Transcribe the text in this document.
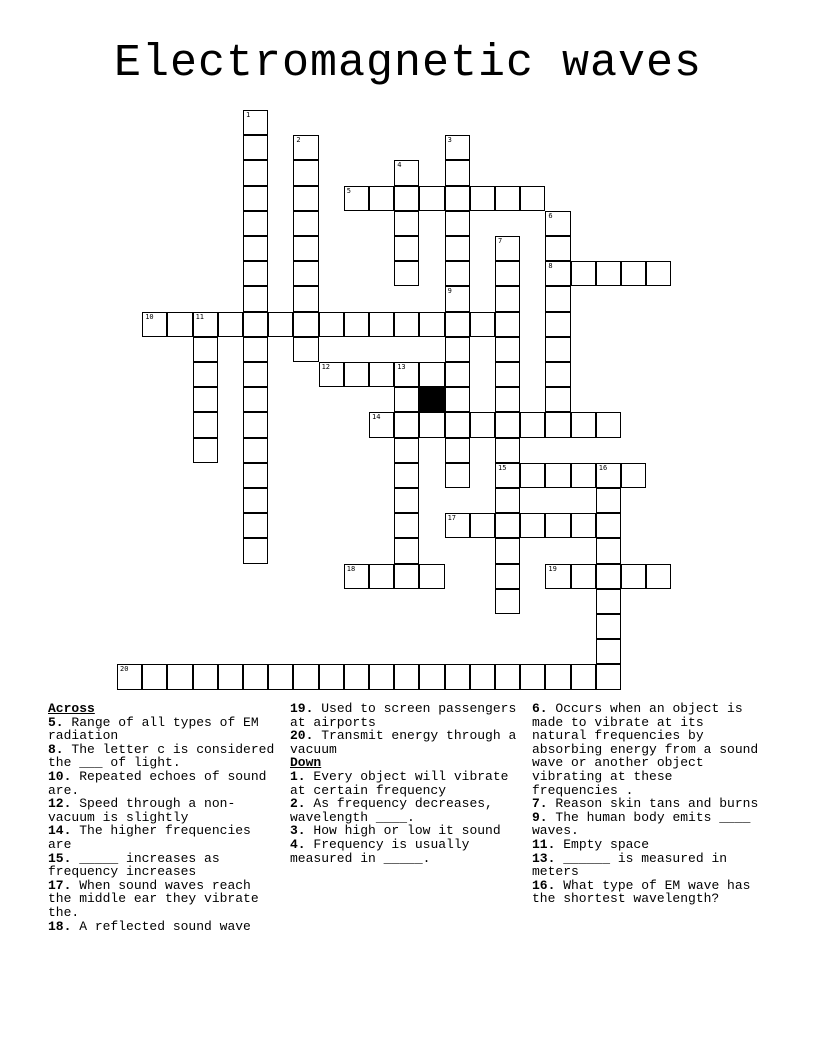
Electromagnetic waves
1
2	3
9
4
5
6
8
7
15
10	11
12	13
14
16
17
18	19
20
Across

5. Range of all types of EM radiation

8. The letter c is considered the ___ of light.

10. Repeated echoes of sound are.

12. Speed through a non-vacuum is slightly

14. The higher frequencies are

15. _____ increases as frequency increases

17. When sound waves reach the middle ear they vibrate the.

18. A reflected sound wave

19. Used to screen passengers at airports

20. Transmit energy through a vacuum

Down

1. Every object will vibrate at certain frequency

2. As frequency decreases, wavelength ____.

3. How high or low it sound

4. Frequency is usually measured in _____.

6. Occurs when an object is made to vibrate at its natural frequencies by absorbing energy from a sound wave or another object vibrating at these frequencies .

7. Reason skin tans and burns

9. The human body emits ____ waves.

11. Empty space

13. ______ is measured in meters

16. What type of EM wave has the shortest wavelength?
